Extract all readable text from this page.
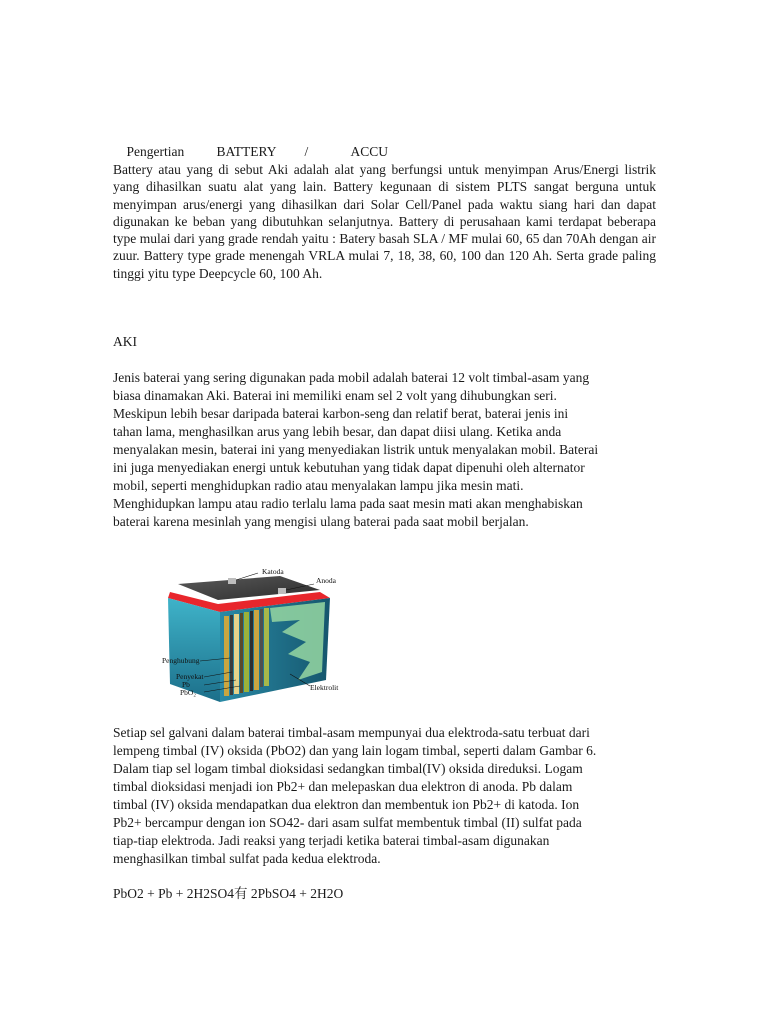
Pengertian BATTERY /	ACCU

Battery atau yang di sebut Aki adalah alat yang berfungsi untuk menyimpan Arus/Energi listrik yang dihasilkan suatu alat yang lain. Battery kegunaan di sistem PLTS sangat berguna untuk menyimpan arus/energi yang dihasilkan dari Solar Cell/Panel pada waktu siang hari dan dapat digunakan ke beban yang dibutuhkan selanjutnya. Battery di perusahaan kami terdapat beberapa type mulai dari yang grade rendah yaitu : Batery basah SLA / MF mulai 60, 65 dan 70Ah dengan air zuur. Battery type grade menengah VRLA mulai 7, 18, 38, 60, 100 dan 120 Ah. Serta grade paling tinggi yitu type Deepcycle 60, 100 Ah.
AKI
Jenis baterai yang sering digunakan pada mobil adalah baterai 12 volt timbal-asam yang
biasa dinamakan Aki. Baterai ini memiliki enam sel 2 volt yang dihubungkan seri.
Meskipun lebih besar daripada baterai karbon-seng dan relatif berat, baterai jenis ini
tahan lama, menghasilkan arus yang lebih besar, dan dapat diisi ulang. Ketika anda
menyalakan mesin, baterai ini yang menyediakan listrik untuk menyalakan mobil. Baterai
ini juga menyediakan energi untuk kebutuhan yang tidak dapat dipenuhi oleh alternator
mobil, seperti menghidupkan radio atau menyalakan lampu jika mesin mati.
Menghidupkan lampu atau radio terlalu lama pada saat mesin mati akan menghabiskan
baterai karena mesinlah yang mengisi ulang baterai pada saat mobil berjalan.
Katoda
Anoda
Penghubung
Penyekat
Pb
PbO₂
Elektrolit
Setiap sel galvani dalam baterai timbal-asam mempunyai dua elektroda-satu terbuat dari
lempeng timbal (IV) oksida (PbO2) dan yang lain logam timbal, seperti dalam Gambar 6.
Dalam tiap sel logam timbal dioksidasi sedangkan timbal(IV) oksida direduksi. Logam
timbal dioksidasi menjadi ion Pb2+ dan melepaskan dua elektron di anoda. Pb dalam
timbal (IV) oksida mendapatkan dua elektron dan membentuk ion Pb2+ di katoda. Ion
Pb2+ bercampur dengan ion SO42- dari asam sulfat membentuk timbal (II) sulfat pada
tiap-tiap elektroda. Jadi reaksi yang terjadi ketika baterai timbal-asam digunakan
menghasilkan timbal sulfat pada kedua elektroda.
PbO2 + Pb + 2H2SO4有 2PbSO4 + 2H2O
